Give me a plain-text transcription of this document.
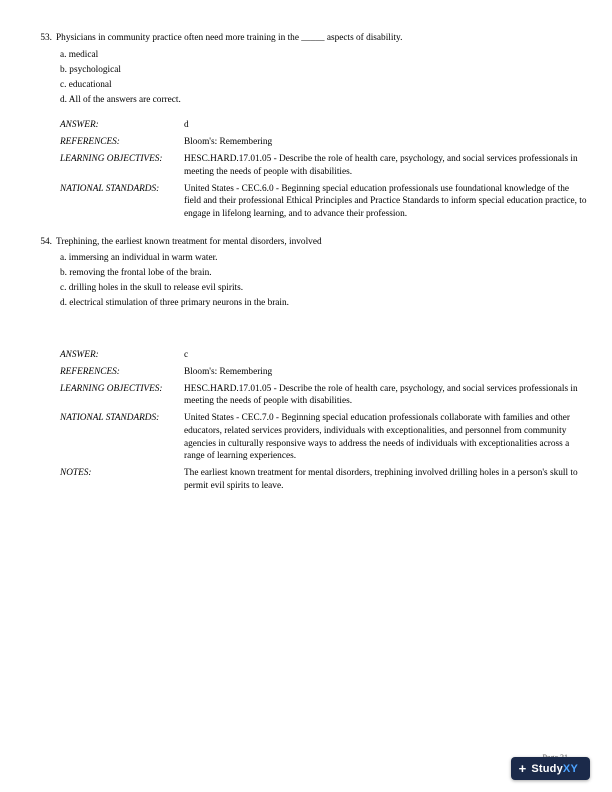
53. Physicians in community practice often need more training in the _____ aspects of disability.
a. medical
b. psychological
c. educational
d. All of the answers are correct.
ANSWER:	d
REFERENCES:	Bloom's: Remembering
LEARNING OBJECTIVES:	HESC.HARD.17.01.05 - Describe the role of health care, psychology, and social services professionals in meeting the needs of people with disabilities.
NATIONAL STANDARDS:	United States - CEC.6.0 - Beginning special education professionals use foundational knowledge of the field and their professional Ethical Principles and Practice Standards to inform special education practice, to engage in lifelong learning, and to advance their profession.
54. Trephining, the earliest known treatment for mental disorders, involved
a. immersing an individual in warm water.
b. removing the frontal lobe of the brain.
c. drilling holes in the skull to release evil spirits.
d. electrical stimulation of three primary neurons in the brain.
ANSWER:	c
REFERENCES:	Bloom's: Remembering
LEARNING OBJECTIVES:	HESC.HARD.17.01.05 - Describe the role of health care, psychology, and social services professionals in meeting the needs of people with disabilities.
NATIONAL STANDARDS:	United States - CEC.7.0 - Beginning special education professionals collaborate with families and other educators, related services providers, individuals with exceptionalities, and personnel from community agencies in culturally responsive ways to address the needs of individuals with exceptionalities across a range of learning experiences.
NOTES:	The earliest known treatment for mental disorders, trephining involved drilling holes in a person's skull to permit evil spirits to leave.
+ StudyXY
